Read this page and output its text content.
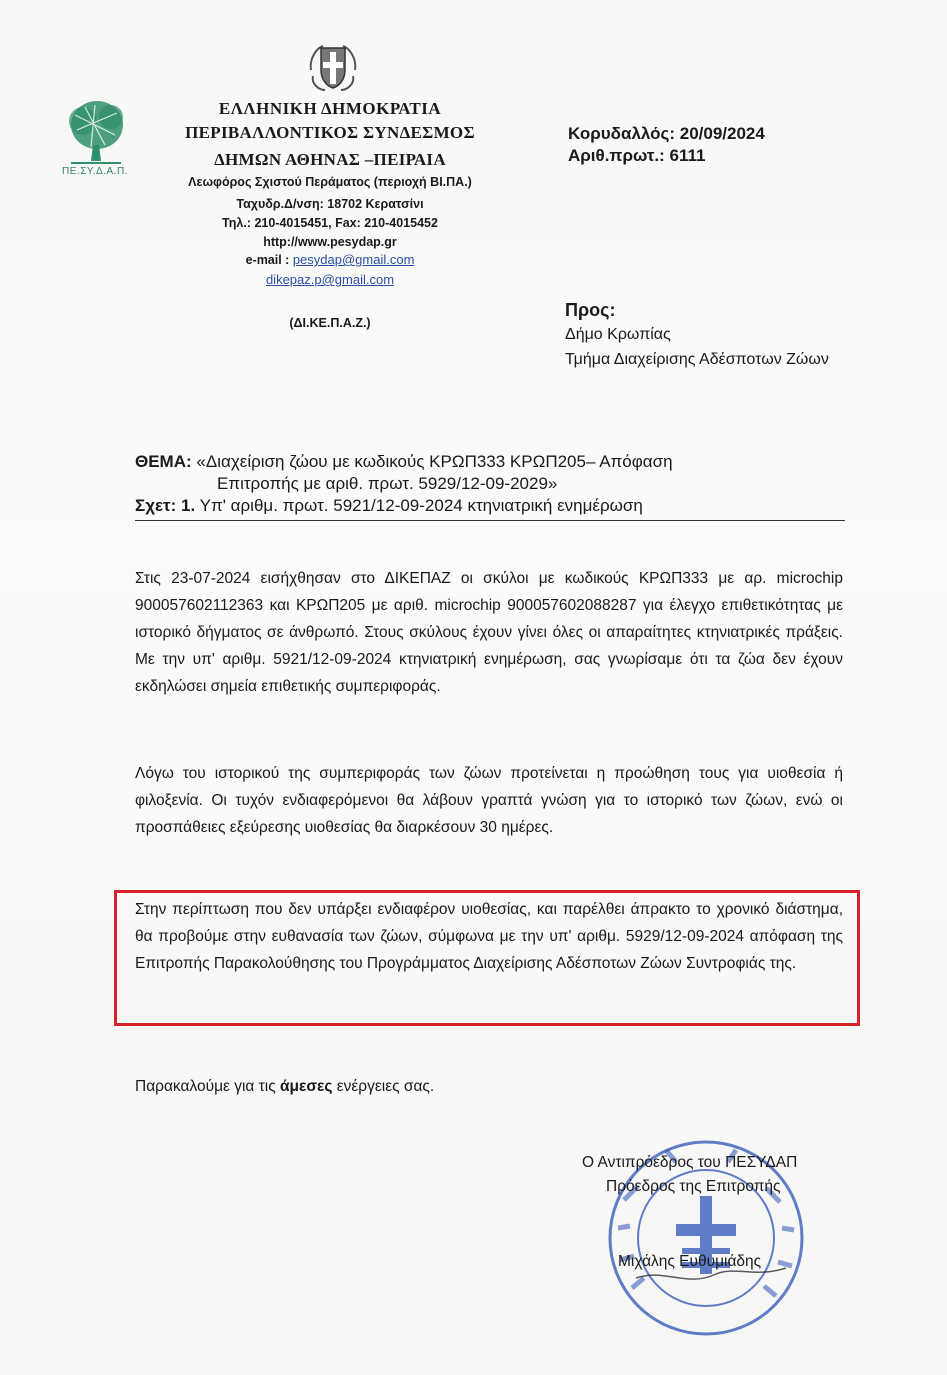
ΠΕ.ΣΥ.Δ.Α.Π.
ΕΛΛΗΝΙΚΗ ΔΗΜΟΚΡΑΤΙΑ
ΠΕΡΙΒΑΛΛΟΝΤΙΚΟΣ ΣΥΝΔΕΣΜΟΣ
ΔΗΜΩΝ ΑΘΗΝΑΣ –ΠΕΙΡΑΙΑ
Λεωφόρος Σχιστού Περάματος (περιοχή ΒΙ.ΠΑ.)
Ταχυδρ.Δ/νση: 18702 Κερατσίνι
Τηλ.: 210-4015451, Fax: 210-4015452
http://www.pesydap.gr
e-mail : pesydap@gmail.com
dikepaz.p@gmail.com
(ΔΙ.ΚΕ.Π.Α.Ζ.)
Κορυδαλλός: 20/09/2024
Αριθ.πρωτ.: 6111
Προς:
Δήμο Κρωπίας
Τμήμα Διαχείρισης Αδέσποτων Ζώων
ΘΕΜΑ: «Διαχείριση ζώου με κωδικούς ΚΡΩΠ333 ΚΡΩΠ205– Απόφαση
Επιτροπής με αριθ. πρωτ. 5929/12-09-2029»
Σχετ: 1. Υπ' αριθμ. πρωτ. 5921/12-09-2024 κτηνιατρική ενημέρωση
Στις 23-07-2024 εισήχθησαν στο ΔΙΚΕΠΑΖ οι σκύλοι με κωδικούς ΚΡΩΠ333 με αρ. microchip 900057602112363 και ΚΡΩΠ205 με αριθ. microchip 900057602088287 για έλεγχο επιθετικότητας με ιστορικό δήγματος σε άνθρωπό. Στους σκύλους έχουν γίνει όλες οι απαραίτητες κτηνιατρικές πράξεις. Με την υπ' αριθμ. 5921/12-09-2024 κτηνιατρική ενημέρωση, σας γνωρίσαμε ότι τα ζώα δεν έχουν εκδηλώσει σημεία επιθετικής συμπεριφοράς.
Λόγω του ιστορικού της συμπεριφοράς των ζώων προτείνεται η προώθηση τους για υιοθεσία ή φιλοξενία. Οι τυχόν ενδιαφερόμενοι θα λάβουν γραπτά γνώση για το ιστορικό των ζώων, ενώ οι προσπάθειες εξεύρεσης υιοθεσίας θα διαρκέσουν 30 ημέρες.
Στην περίπτωση που δεν υπάρξει ενδιαφέρον υιοθεσίας, και παρέλθει άπρακτο το χρονικό διάστημα, θα προβούμε στην ευθανασία των ζώων, σύμφωνα με την υπ' αριθμ. 5929/12-09-2024 απόφαση της Επιτροπής Παρακολούθησης του Προγράμματος Διαχείρισης Αδέσποτων Ζώων Συντροφιάς της.
Παρακαλούμε για τις άμεσες ενέργειες σας.
Ο Αντιπρόεδρος του ΠΕΣΥΔΑΠ
Πρόεδρος της Επιτροπής
Μιχάλης Ευθυμιάδης
